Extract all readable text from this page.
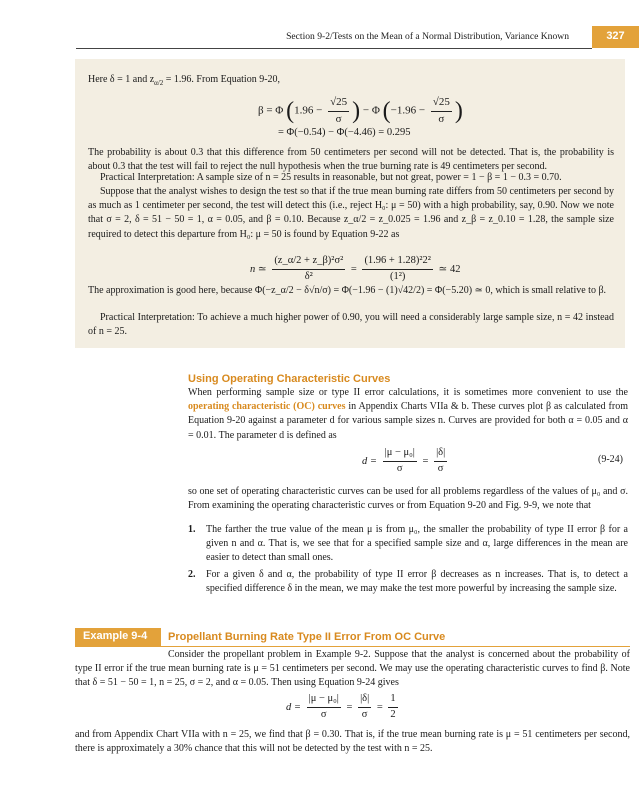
Section 9-2/Tests on the Mean of a Normal Distribution, Variance Known	327
Here δ = 1 and $z_{\alpha/2} = 1.96$. From Equation 9-20,
β = Φ ($1.96 - \frac{√25}{\sigma}$ ) − Φ ($-1.96 - \frac{√25}{\sigma}$ )
= Φ(−0.54) − Φ(−4.46) = 0.295
The probability is about 0.3 that this difference from 50 centimeters per second will not be detected. That is, the probability is about 0.3 that the test will fail to reject the null hypothesis when the true burning rate is 49 centimeters per second.
Practical Interpretation: A sample size of n = 25 results in reasonable, but not great, power = 1 − β = 1 − 0.3 = 0.70.
Suppose that the analyst wishes to design the test so that if the true mean burning rate differs from 50 centimeters per second by as much as 1 centimeter per second, the test will detect this (i.e., reject H₀: μ = 50) with a high probability, say, 0.90. Now we note that σ = 2, δ = 51 − 50 = 1, α = 0.05, and β = 0.10. Because z_α/2 = z_0.025 = 1.96 and z_β = z_0.10 = 1.28, the sample size required to detect this departure from H₀: μ = 50 is found by Equation 9-22 as
n ≃ $\frac{\text{(z\_α/2 + z\_β)²σ²}}{\text{δ²}} = \frac{\text{(1.96 + 1.28)²2²}}{\text{(1²)}}$ ≃ 42
The approximation is good here, because Φ(−z_α/2 − δ√n/σ) = Φ(−1.96 − (1)√42/2) = Φ(−5.20) ≃ 0, which is small relative to β.
Practical Interpretation: To achieve a much higher power of 0.90, you will need a considerably large sample size, n = 42 instead of n = 25.
Using Operating Characteristic Curves
When performing sample size or type II error calculations, it is sometimes more convenient to use the operating characteristic (OC) curves in Appendix Charts VIIa & b. These curves plot β as calculated from Equation 9-20 against a parameter d for various sample sizes n. Curves are provided for both α = 0.05 and α = 0.01. The parameter d is defined as
$d = \frac{\text{|μ − μ₀|}}{\sigma} = \frac{|\delta|}{\sigma}$	(9-24)
so one set of operating characteristic curves can be used for all problems regardless of the values of μ₀ and σ. From examining the operating characteristic curves or from Equation 9-20 and Fig. 9-9, we note that
1.	The farther the true value of the mean μ is from μ₀, the smaller the probability of type II error β for a given n and α. That is, we see that for a specified sample size and α, large differences in the mean are easier to detect than small ones.
2.	For a given δ and α, the probability of type II error β decreases as n increases. That is, to detect a specified difference δ in the mean, we may make the test more powerful by increasing the sample size.
Example 9-4 Propellant Burning Rate Type II Error From OC Curve
Consider the propellant problem in Example 9-2. Suppose that the analyst is concerned about the probability of type II error if the true mean burning rate is μ = 51 centimeters per second. We may use the operating characteristic curves to find β. Note that δ = 51 − 50 = 1, n = 25, σ = 2, and α = 0.05. Then using Equation 9-24 gives
$d = \frac{\text{|μ − μ₀|}}{\sigma} = \frac{|\delta|}{\sigma} = \frac{1}{2}$
and from Appendix Chart VIIa with n = 25, we find that β = 0.30. That is, if the true mean burning rate is μ = 51 centimeters per second, there is approximately a 30% chance that this will not be detected by the test with n = 25.
